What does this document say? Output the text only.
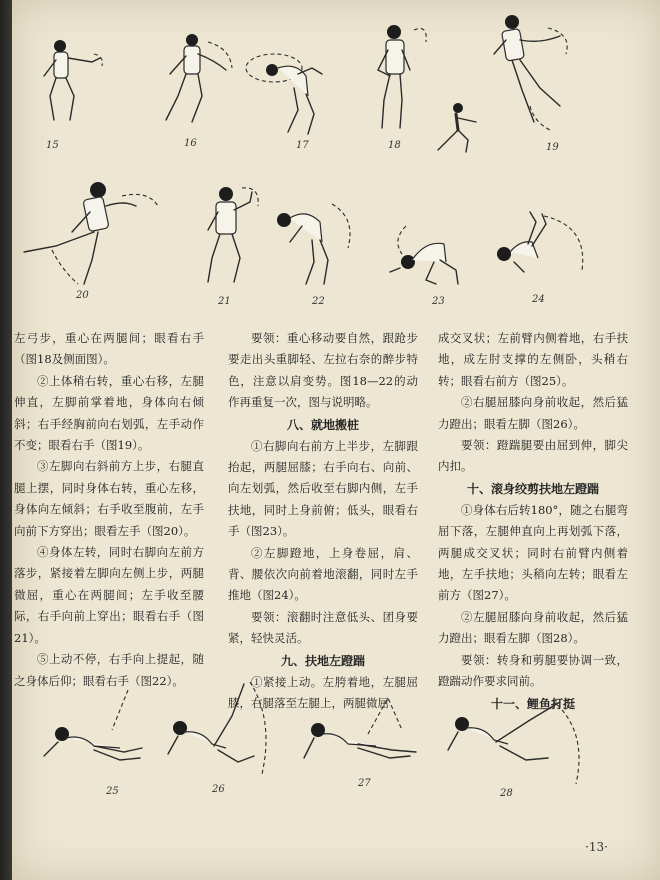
15	16	17	18	19
20
21	22	23	24

左弓步，重心在两腿间；眼看右手（图18及侧面图）。

②上体稍右转，重心右移，左腿伸直，左脚前掌着地，身体向右倾斜；右手经胸前向右划弧，左手动作不变；眼看右手（图19）。

③左脚向右斜前方上步，右腿直腿上摆，同时身体右转，重心左移，身体向左倾斜；右手收至腹前，左手向前下方穿出；眼看左手（图20）。

④身体左转，同时右脚向左前方落步，紧接着左脚向左侧上步，两腿微屈，重心在两腿间；左手收至腰际，右手向前上穿出；眼看右手（图21）。

⑤上动不停，右手向上提起，随之身体后仰；眼看右手（图22）。

要领：重心移动要自然，跟跄步要走出头重脚轻、左拉右奈的醉步特色，注意以肩变势。图18—22的动作再重复一次，图与说明略。

八、就地搬桩

①右脚向右前方上半步，左脚跟抬起，两腿屈膝；右手向右、向前、向左划弧，然后收至右脚内侧，左手扶地，同时上身前俯；低头，眼看右手（图23）。

②左脚蹬地，上身卷屈，肩、背、腰依次向前着地滚翻，同时左手推地（图24）。

要领：滚翻时注意低头、团身要紧，轻快灵活。

九、扶地左蹬踹

①紧接上动。左胯着地，左腿屈膝，右腿落至左腿上，两腿微屈

成交叉状；左前臂内侧着地，右手扶地，成左肘支撑的左侧卧，头稍右转；眼看右前方（图25）。

②右腿屈膝向身前收起，然后猛力蹬出；眼看左脚（图26）。

要领：蹬踹腿要由屈到伸，脚尖内扣。

十、滚身绞剪扶地左蹬踹

①身体右后转180°，随之右腿弯屈下落，左腿伸直向上再划弧下落，两腿成交叉状；同时右前臂内侧着地，左手扶地；头稍向左转；眼看左前方（图27）。

②左腿屈膝向身前收起，然后猛力蹬出；眼看左脚（图28）。

要领：转身和剪腿要协调一致，蹬踹动作要求同前。

十一、鲤鱼打挺
25	26
27
28
·13·
